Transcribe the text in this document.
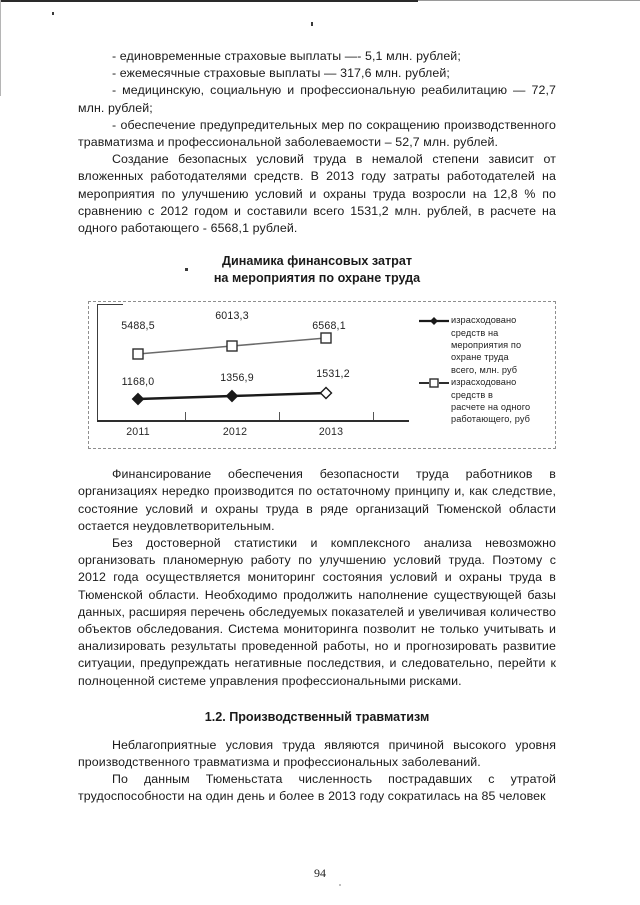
- единовременные страховые выплаты —- 5,1 млн. рублей;

- ежемесячные страховые выплаты — 317,6 млн. рублей;

- медицинскую, социальную и профессиональную реабилитацию — 72,7 млн. рублей;

- обеспечение предупредительных мер по сокращению производственного травматизма и профессиональной заболеваемости – 52,7 млн. рублей.

Создание безопасных условий труда в немалой степени зависит от вложенных работодателями средств. В 2013 году затраты работодателей на мероприятия по улучшению условий и охраны труда возросли на 12,8 % по сравнению с 2012 годом и составили всего 1531,2 млн. рублей, в расчете на одного работающего - 6568,1 рублей.

Динамика финансовых затрат
на мероприятия по охране труда
5488,5
6013,3
6568,1
1168,0	1356,9	1531,2
2011	2012	2013
израсходовано средств на
мероприятия по охране труда
всего, млн. руб
израсходовано средств в
расчете на одного
работающего, руб

Финансирование обеспечения безопасности труда работников в организациях нередко производится по остаточному принципу и, как следствие, состояние условий и охраны труда в ряде организаций Тюменской области остается неудовлетворительным.

Без достоверной статистики и комплексного анализа невозможно организовать планомерную работу по улучшению условий труда. Поэтому с 2012 года осуществляется мониторинг состояния условий и охраны труда в Тюменской области. Необходимо продолжить наполнение существующей базы данных, расширяя перечень обследуемых показателей и увеличивая количество объектов обследования. Система мониторинга позволит не только учитывать и анализировать результаты проведенной работы, но и прогнозировать развитие ситуации, предупреждать негативные последствия, и следовательно, перейти к полноценной системе управления профессиональными рисками.

1.2. Производственный травматизм

Неблагоприятные условия труда являются причиной высокого уровня производственного травматизма и профессиональных заболеваний.

По данным Тюменьстата численность пострадавших с утратой трудоспособности на один день и более в 2013 году сократилась на 85 человек

94
